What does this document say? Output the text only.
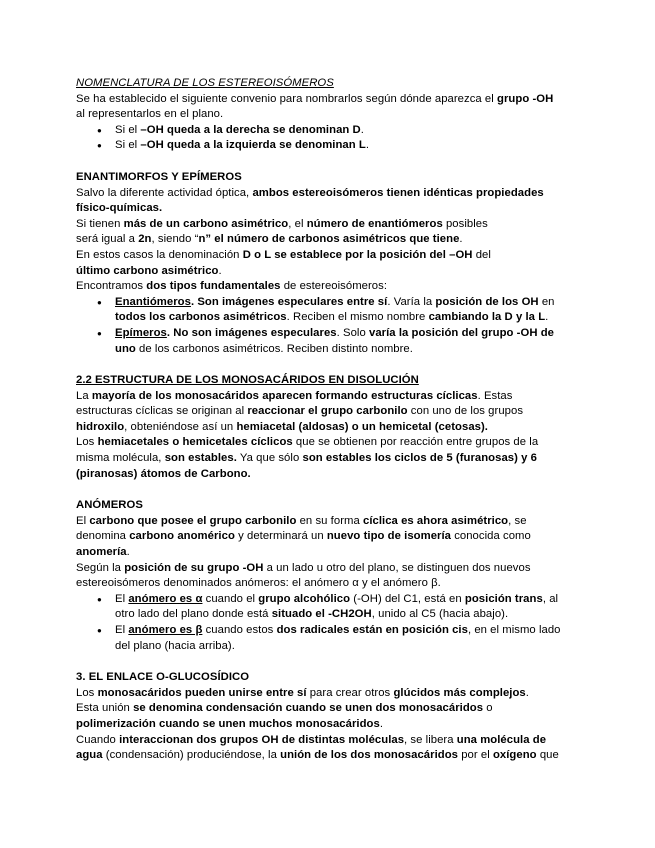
NOMENCLATURA DE LOS ESTEREOISÓMEROS
Se ha establecido el siguiente convenio para nombrarlos según dónde aparezca el grupo -OH
al representarlos en el plano.
● Si el –OH queda a la derecha se denominan D.
● Si el –OH queda a la izquierda se denominan L.
ENANTIMORFOS Y EPÍMEROS
Salvo la diferente actividad óptica, ambos estereoisómeros tienen idénticas propiedades
físico-químicas.
Si tienen más de un carbono asimétrico, el número de enantiómeros posibles
será igual a 2n, siendo “n” el número de carbonos asimétricos que tiene.
En estos casos la denominación D o L se establece por la posición del –OH del
último carbono asimétrico.
Encontramos dos tipos fundamentales de estereoisómeros:
● Enantiómeros. Son imágenes especulares entre sí. Varía la posición de los OH en
todos los carbonos asimétricos. Reciben el mismo nombre cambiando la D y la L.
● Epímeros. No son imágenes especulares. Solo varía la posición del grupo -OH de
uno de los carbonos asimétricos. Reciben distinto nombre.
2.2 ESTRUCTURA DE LOS MONOSACÁRIDOS EN DISOLUCIÓN
La mayoría de los monosacáridos aparecen formando estructuras cíclicas. Estas
estructuras cíclicas se originan al reaccionar el grupo carbonilo con uno de los grupos
hidroxilo, obteniéndose así un hemiacetal (aldosas) o un hemicetal (cetosas).
Los hemiacetales o hemicetales cíclicos que se obtienen por reacción entre grupos de la
misma molécula, son estables. Ya que sólo son estables los ciclos de 5 (furanosas) y 6
(piranosas) átomos de Carbono.
ANÓMEROS
El carbono que posee el grupo carbonilo en su forma cíclica es ahora asimétrico, se
denomina carbono anomérico y determinará un nuevo tipo de isomería conocida como
anomería.
Según la posición de su grupo -OH a un lado u otro del plano, se distinguen dos nuevos
estereoisómeros denominados anómeros: el anómero α y el anómero β.
● El anómero es α cuando el grupo alcohólico (-OH) del C1, está en posición trans, al
otro lado del plano donde está situado el -CH2OH, unido al C5 (hacia abajo).
● El anómero es β cuando estos dos radicales están en posición cis, en el mismo lado
del plano (hacia arriba).
3. EL ENLACE O-GLUCOSÍDICO
Los monosacáridos pueden unirse entre sí para crear otros glúcidos más complejos.
Esta unión se denomina condensación cuando se unen dos monosacáridos o
polimerización cuando se unen muchos monosacáridos.
Cuando interaccionan dos grupos OH de distintas moléculas, se libera una molécula de
agua (condensación) produciéndose, la unión de los dos monosacáridos por el oxígeno que
